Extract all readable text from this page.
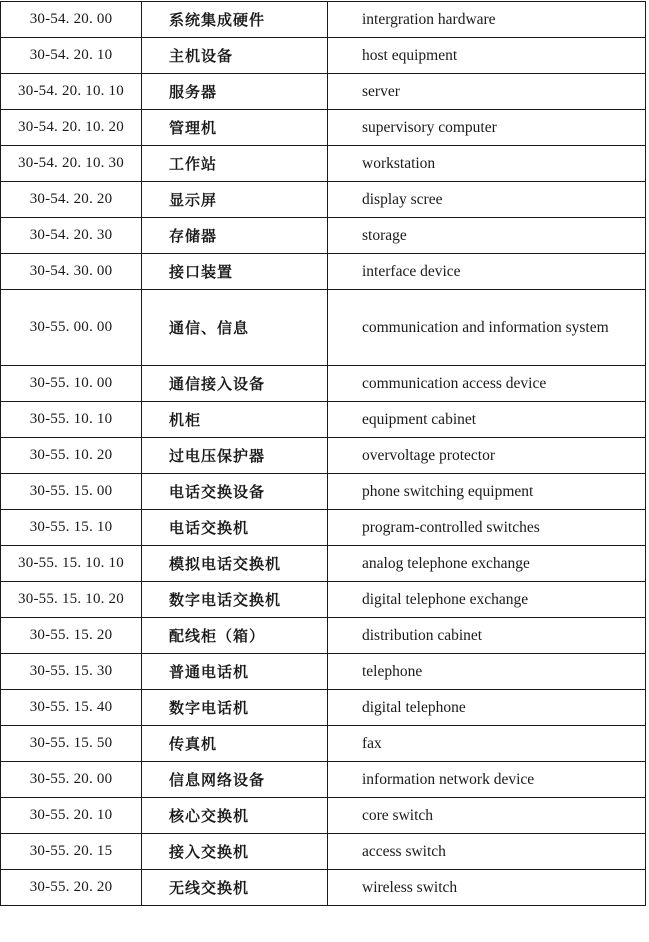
30-54. 20. 00	系统集成硬件	intergration hardware
30-54. 20. 10	主机设备	host equipment
30-54. 20. 10. 10	服务器	server
30-54. 20. 10. 20	管理机	supervisory computer
30-54. 20. 10. 30	工作站	workstation
30-54. 20. 20	显示屏	display scree
30-54. 20. 30	存储器	storage
30-54. 30. 00	接口装置	interface device
30-55. 00. 00	通信、信息	communication and information system
30-55. 10. 00	通信接入设备	communication access device
30-55. 10. 10	机柜	equipment cabinet
30-55. 10. 20	过电压保护器	overvoltage protector
30-55. 15. 00	电话交换设备	phone switching equipment
30-55. 15. 10	电话交换机	program-controlled switches
30-55. 15. 10. 10	模拟电话交换机	analog telephone exchange
30-55. 15. 10. 20	数字电话交换机	digital telephone exchange
30-55. 15. 20	配线柜（箱）	distribution cabinet
30-55. 15. 30	普通电话机	telephone
30-55. 15. 40	数字电话机	digital telephone
30-55. 15. 50	传真机	fax
30-55. 20. 00	信息网络设备	information network device
30-55. 20. 10	核心交换机	core switch
30-55. 20. 15	接入交换机	access switch
30-55. 20. 20	无线交换机	wireless switch
